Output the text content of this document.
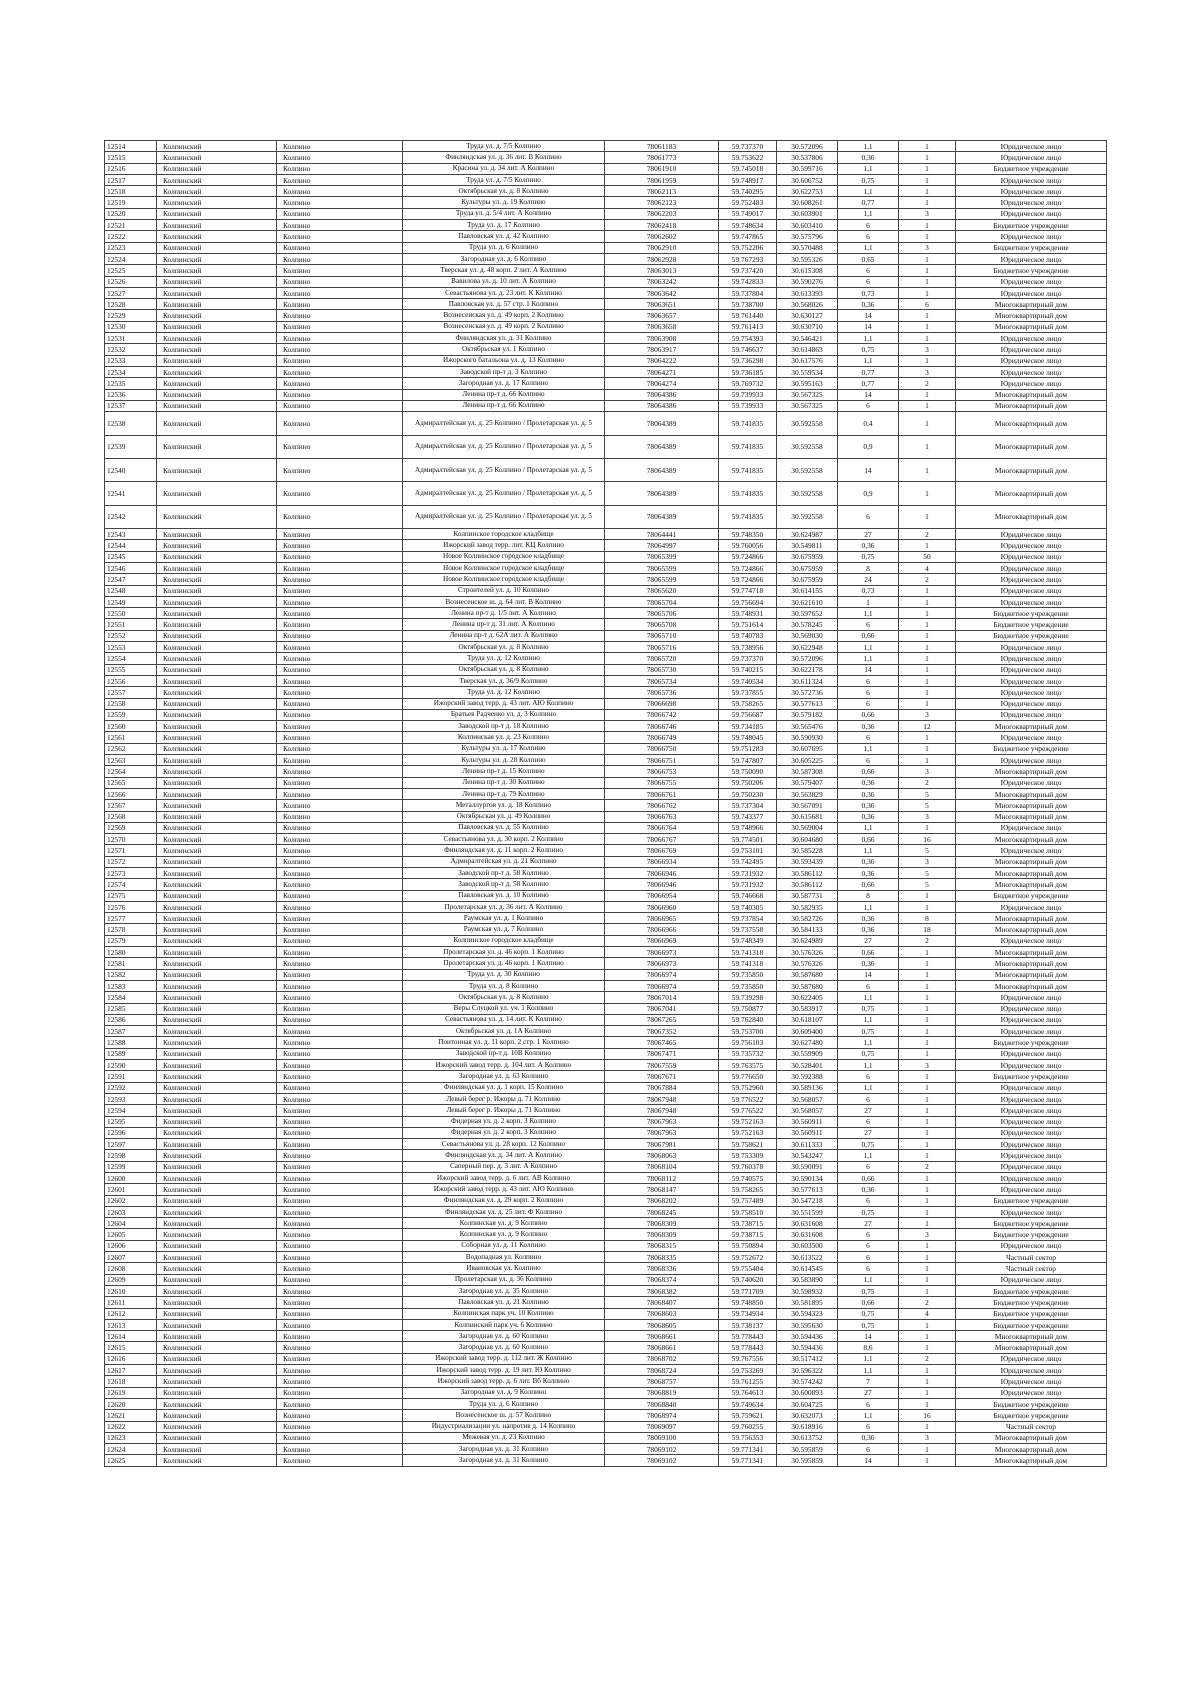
12514	Колпинский	Колпино	Труда ул. д. 7/5 Колпино	78061183	59.737370	30.572096	1,1	1	Юридическое лицо
12515	Колпинский	Колпино	Финляндская ул. д. 36 лит. В Колпино	78061773	59.753622	30.537806	0,36	1	Юридическое лицо
12516	Колпинский	Колпино	Красина ул. д. 34 лит. А Колпино	78061910	59.745018	30.599716	1,1	1	Бюджетное учреждение
12517	Колпинский	Колпино	Труда ул. д. 7/5 Колпино	78061959	59.748917	30.606752	0,75	1	Юридическое лицо
12518	Колпинский	Колпино	Октябрьская ул. д. 8 Колпино	78062113	59.740295	30.622753	1,1	1	Юридическое лицо
12519	Колпинский	Колпино	Культуры ул. д. 19 Колпино	78062123	59.752483	30.608261	0,77	1	Юридическое лицо
12520	Колпинский	Колпино	Труда ул. д. 5/4 лит. А Колпино	78062203	59.749017	30.603901	1,1	3	Юридическое лицо
12521	Колпинский	Колпино	Труда ул. д. 17 Колпино	78062418	59.748634	30.603410	6	1	Бюджетное учреждение
12522	Колпинский	Колпино	Павловская ул. д. 42 Колпино	78062602	59.747865	30.575796	6	1	Юридическое лицо
12523	Колпинский	Колпино	Труда ул. д. 6 Колпино	78062910	59.752206	30.570488	1,1	3	Бюджетное учреждение
12524	Колпинский	Колпино	Загородная ул. д. 6 Колпино	78062928	59.767293	30.595326	0,65	1	Юридическое лицо
12525	Колпинский	Колпино	Тверская ул. д. 48 корп. 2 лит. А Колпино	78063013	59.737420	30.615308	6	1	Бюджетное учреждение
12526	Колпинский	Колпино	Вавилова ул. д. 10 лит. А Колпино	78063242	59.742833	30.590276	6	1	Юридическое лицо
12527	Колпинский	Колпино	Севастьянова ул. д. 23 лит. К Колпино	78063642	59.737804	30.613393	0,73	1	Юридическое лицо
12528	Колпинский	Колпино	Павловская ул. д. 57 стр. 1 Колпино	78063651	59.738700	30.568026	0,36	6	Многоквартирный дом
12529	Колпинский	Колпино	Вознесенская ул. д. 49 корп. 2 Колпино	78063657	59.761440	30.630127	14	1	Многоквартирный дом
12530	Колпинский	Колпино	Вознесенская ул. д. 49 корп. 2 Колпино	78063658	59.761413	30.630710	14	1	Многоквартирный дом
12531	Колпинский	Колпино	Финляндская ул. д. 31 Колпино	78063908	59.754393	30.546421	1,1	1	Юридическое лицо
12532	Колпинский	Колпино	Октябрьская ул. 1 Колпино	78063917	59.746637	30.614863	0,75	3	Юридическое лицо
12533	Колпинский	Колпино	Ижорского батальона ул. д. 13 Колпино	78064222	59.736298	30.617576	1,1	1	Юридическое лицо
12534	Колпинский	Колпино	Заводской пр-т д. 3 Колпино	78064271	59.736185	30.559534	0,77	3	Юридическое лицо
12535	Колпинский	Колпино	Загородная ул. д. 17 Колпино	78064274	59.769732	30.595163	0,77	2	Юридическое лицо
12536	Колпинский	Колпино	Ленина пр-т д. 66 Колпино	78064386	59.739933	30.567325	14	1	Многоквартирный дом
12537	Колпинский	Колпино	Ленина пр-т д. 66 Колпино	78064386	59.739933	30.567325	6	1	Многоквартирный дом
12538	Колпинский	Колпино	Адмиралтейская ул. д. 25 Колпино / Пролетарская ул. д. 5	78064389	59.741835	30.592558	0,4	1	Многоквартирный дом
12539	Колпинский	Колпино	Адмиралтейская ул. д. 25 Колпино / Пролетарская ул. д. 5	78064389	59.741835	30.592558	0,9	1	Многоквартирный дом
12540	Колпинский	Колпино	Адмиралтейская ул. д. 25 Колпино / Пролетарская ул. д. 5	78064389	59.741835	30.592558	14	1	Многоквартирный дом
12541	Колпинский	Колпино	Адмиралтейская ул. д. 25 Колпино / Пролетарская ул. д. 5	78064389	59.741835	30.592558	0,9	1	Многоквартирный дом
12542	Колпинский	Колпино	Адмиралтейская ул. д. 25 Колпино / Пролетарская ул. д. 5	78064389	59.741835	30.592558	6	1	Многоквартирный дом
12543	Колпинский	Колпино	Колпинское городское кладбище	78064441	59.748350	30.624987	27	2	Юридическое лицо
12544	Колпинский	Колпино	Ижорский завод терр. лит. КЦ Колпино	78064997	59.760056	30.549811	0,36	1	Юридическое лицо
12545	Колпинский	Колпино	Новое Колпинское городское кладбище	78065399	59.724866	30.675959	0,75	50	Юридическое лицо
12546	Колпинский	Колпино	Новое Колпинское городское кладбище	78065599	59.724866	30.675959	8	4	Юридическое лицо
12547	Колпинский	Колпино	Новое Колпинское городское кладбище	78065599	59.724866	30.675959	24	2	Юридическое лицо
12548	Колпинский	Колпино	Строителей ул. д. 10 Колпино	78065620	59.774718	30.614155	0,73	1	Юридическое лицо
12549	Колпинский	Колпино	Вознесенское ш. д. 64 лит. В Колпино	78065704	59.756694	30.621610	1	1	Юридическое лицо
12550	Колпинский	Колпино	Ленина пр-т д. 1/5 лит. А Колпино	78065706	59.748931	30.597652	1,1	1	Бюджетное учреждение
12551	Колпинский	Колпино	Ленина пр-т д. 31 лит. А Колпино	78065708	59.751614	30.578245	6	1	Бюджетное учреждение
12552	Колпинский	Колпино	Ленина пр-т д. 62А лит. А Колпино	78065710	59.740783	30.569030	0,66	1	Бюджетное учреждение
12553	Колпинский	Колпино	Октябрьская ул. д. 8 Колпино	78065716	59.738956	30.622948	1,1	1	Юридическое лицо
12554	Колпинский	Колпино	Труда ул. д. 12 Колпино	78065720	59.737370	30.572096	1,1	1	Юридическое лицо
12555	Колпинский	Колпино	Октябрьская ул. д. 8 Колпино	78065730	59.740215	30.622178	14	1	Юридическое лицо
12556	Колпинский	Колпино	Тверская ул. д. 36/9 Колпино	78065734	59.740534	30.611324	6	1	Юридическое лицо
12557	Колпинский	Колпино	Труда ул. д. 12 Колпино	78065736	59.737855	30.572736	6	1	Юридическое лицо
12558	Колпинский	Колпино	Ижорский завод терр. д. 43 лит. АЮ Колпино	78066698	59.758265	30.577613	6	1	Юридическое лицо
12559	Колпинский	Колпино	Братьев Радченко ул. д. 3 Колпино	78066742	59.756687	30.579182	0,66	3	Юридическое лицо
12560	Колпинский	Колпино	Заводской пр-т д. 18 Колпино	78066746	59.734185	30.565476	0,36	12	Многоквартирный дом
12561	Колпинский	Колпино	Колпинская ул. д. 23 Колпино	78066749	59.748045	30.590930	6	1	Юридическое лицо
12562	Колпинский	Колпино	Культуры ул. д. 17 Колпино	78066750	59.751283	30.607695	1,1	1	Бюджетное учреждение
12563	Колпинский	Колпино	Культуры ул. д. 28 Колпино	78066751	59.747807	30.605225	6	1	Юридическое лицо
12564	Колпинский	Колпино	Ленина пр-т д. 15 Колпино	78066753	59.750090	30.587308	0,66	3	Многоквартирный дом
12565	Колпинский	Колпино	Ленина пр-т д. 30 Колпино	78066755	59.750206	30.579407	0,36	2	Юридическое лицо
12566	Колпинский	Колпино	Ленина пр-т д. 79 Колпино	78066761	59.750230	30.563829	0,36	5	Многоквартирный дом
12567	Колпинский	Колпино	Металлургов ул. д. 18 Колпино	78066762	59.737304	30.567091	0,36	5	Многоквартирный дом
12568	Колпинский	Колпино	Октябрьская ул. д. 49 Колпино	78066763	59.743377	30.615681	0,36	3	Многоквартирный дом
12569	Колпинский	Колпино	Павловская ул. д. 55 Колпино	78066764	59.748966	30.569004	1,1	1	Юридическое лицо
12570	Колпинский	Колпино	Севастьянова ул. д. 30 корп. 2 Колпино	78066767	59.774501	30.604680	0,66	16	Многоквартирный дом
12571	Колпинский	Колпино	Финляндская ул. д. 11 корп. 2 Колпино	78066769	59.753101	30.585228	1,1	5	Юридическое лицо
12572	Колпинский	Колпино	Адмиралтейская ул. д. 21 Колпино	78066934	59.742495	30.593439	0,36	3	Многоквартирный дом
12573	Колпинский	Колпино	Заводской пр-т д. 58 Колпино	78066946	59.731932	30.586112	0,36	5	Многоквартирный дом
12574	Колпинский	Колпино	Заводской пр-т д. 58 Колпино	78066946	59.731932	30.586112	0,66	5	Многоквартирный дом
12575	Колпинский	Колпино	Павловская ул. д. 10 Колпино	78066954	59.746668	30.587731	8	1	Бюджетное учреждение
12576	Колпинский	Колпино	Пролетарская ул. д. 36 лит. А Колпино	78066960	59.740305	30.582935	1,1	1	Юридическое лицо
12577	Колпинский	Колпино	Раумская ул. д. 1 Колпино	78066965	59.737854	30.582726	0,36	8	Многоквартирный дом
12578	Колпинский	Колпино	Раумская ул. д. 7 Колпино	78066966	59.737558	30.584133	0,36	18	Многоквартирный дом
12579	Колпинский	Колпино	Колпинское городское кладбище	78066969	59.748349	30.624989	27	2	Юридическое лицо
12580	Колпинский	Колпино	Пролетарская ул. д. 46 корп. 1 Колпино	78066973	59.741318	30.576326	0,66	1	Многоквартирный дом
12581	Колпинский	Колпино	Пролетарская ул. д. 46 корп. 1 Колпино	78066973	59.741318	30.576326	0,36	1	Многоквартирный дом
12582	Колпинский	Колпино	Труда ул. д. 30 Колпино	78066974	59.735850	30.587680	14	1	Многоквартирный дом
12583	Колпинский	Колпино	Труда ул. д. 8 Колпино	78066974	59.735850	30.587680	6	1	Многоквартирный дом
12584	Колпинский	Колпино	Октябрьская ул. д. 8 Колпино	78067014	59.739298	30.622405	1,1	1	Юридическое лицо
12585	Колпинский	Колпино	Веры Слуцкой ул. уч. 1 Колпино	78067041	59.750877	30.583917	0,75	1	Юридическое лицо
12586	Колпинский	Колпино	Севастьянова ул. д. 14 лит. К Колпино	78067265	59.762840	30.618107	1,1	1	Юридическое лицо
12587	Колпинский	Колпино	Октябрьская ул. д. 1А Колпино	78067352	59.753700	30.609400	0,75	1	Юридическое лицо
12588	Колпинский	Колпино	Понтонная ул. д. 11 корп. 2 стр. 1 Колпино	78067465	59.756103	30.627480	1,1	1	Бюджетное учреждение
12589	Колпинский	Колпино	Заводской пр-т д. 10В Колпино	78067471	59.735732	30.559909	0,75	1	Юридическое лицо
12590	Колпинский	Колпино	Ижорский завод терр. д. 104 лит. А Колпино	78067559	59.763575	30.528401	1,1	3	Юридическое лицо
12591	Колпинский	Колпино	Загородная ул. д. 63 Колпино	78067671	59.776650	30.592388	6	1	Бюджетное учреждение
12592	Колпинский	Колпино	Финляндская ул. д. 1 корп. 15 Колпино	78067884	59.752960	30.589136	1,1	1	Юридическое лицо
12593	Колпинский	Колпино	Левый берег р. Ижоры д. 71 Колпино	78067948	59.776522	30.568057	6	1	Юридическое лицо
12594	Колпинский	Колпино	Левый берег р. Ижоры д. 71 Колпино	78067948	59.776522	30.568057	27	1	Юридическое лицо
12595	Колпинский	Колпино	Фидерная ул. д. 2 корп. 3 Колпино	78067963	59.752163	30.560911	6	1	Юридическое лицо
12596	Колпинский	Колпино	Фидерная ул. д. 2 корп. 3 Колпино	78067963	59.752163	30.560911	27	1	Юридическое лицо
12597	Колпинский	Колпино	Севастьянова ул. д. 28 корп. 12 Колпино	78067981	59.758621	30.611333	0,75	1	Юридическое лицо
12598	Колпинский	Колпино	Финляндская ул. д. 34 лит. А Колпино	78068063	59.753309	30.543247	1,1	1	Юридическое лицо
12599	Колпинский	Колпино	Саперный пер. д. 3 лит. А Колпино	78068104	59.760378	30.590091	6	2	Юридическое лицо
12600	Колпинский	Колпино	Ижорский завод терр. д. 6 лит. АВ Колпино	78068112	59.740575	30.590134	0,66	1	Юридическое лицо
12601	Колпинский	Колпино	Ижорский завод терр. д. 43 лит. АЮ Колпино	78068147	59.758265	30.577613	0,36	1	Юридическое лицо
12602	Колпинский	Колпино	Финляндская ул. д. 29 корп. 2 Колпино	78068202	59.757489	30.547218	6	1	Бюджетное учреждение
12603	Колпинский	Колпино	Финляндская ул. д. 25 лит. Ф Колпино	78068245	59.758510	30.551599	0,75	1	Юридическое лицо
12604	Колпинский	Колпино	Колпинская ул. д. 9 Колпино	78068309	59.738715	30.631608	27	1	Бюджетное учреждение
12605	Колпинский	Колпино	Колпинская ул. д. 9 Колпино	78068309	59.738715	30.631608	6	3	Бюджетное учреждение
12606	Колпинский	Колпино	Соборная ул. д. 11 Колпино	78068315	59.750894	30.603500	6	1	Юридическое лицо
12607	Колпинский	Колпино	Водопадная ул. Колпино	78068335	59.752672	30.613522	6	1	Частный сектор
12608	Колпинский	Колпино	Ивановская ул. Колпино	78068336	59.755404	30.614545	6	1	Частный сектор
12609	Колпинский	Колпино	Пролетарская ул. д. 36 Колпино	78068374	59.740620	30.583890	1,1	1	Юридическое лицо
12610	Колпинский	Колпино	Загородная ул. д. 35 Колпино	78068382	59.771709	30.598932	0,75	1	Бюджетное учреждение
12611	Колпинский	Колпино	Павловская ул. д. 21 Колпино	78068407	59.748850	30.581895	0,66	2	Бюджетное учреждение
12612	Колпинский	Колпино	Колпинская парк уч. 10 Колпино	78068603	59.734934	30.594323	0,75	4	Бюджетное учреждение
12613	Колпинский	Колпино	Колпинский парк уч. 6 Колпино	78068605	59.738137	30.595630	0,75	1	Бюджетное учреждение
12614	Колпинский	Колпино	Загородная ул. д. 60 Колпино	78068661	59.778443	30.594436	14	1	Многоквартирный дом
12615	Колпинский	Колпино	Загородная ул. д. 60 Колпино	78068661	59.778443	30.594436	8,6	1	Многоквартирный дом
12616	Колпинский	Колпино	Ижорский завод терр. д. 112 лит. Ж Колпино	78068702	59.767556	30.517412	1,1	2	Юридическое лицо
12617	Колпинский	Колпино	Ижорский завод терр. д. 19 лит. Ю Колпино	78068724	59.753269	30.596322	1,1	1	Юридическое лицо
12618	Колпинский	Колпино	Ижорский завод терр. д. 6 лит. Вб Колпино	78068757	59.761255	30.574242	7	1	Юридическое лицо
12619	Колпинский	Колпино	Загородная ул. д. 9 Колпино	78068819	59.764613	30.600893	27	1	Юридическое лицо
12620	Колпинский	Колпино	Труда ул. д. 6 Колпино	78068840	59.749634	30.604725	6	1	Бюджетное учреждение
12621	Колпинский	Колпино	Вознесенское ш. д. 57 Колпино	78068974	59.759621	30.632073	1,1	16	Бюджетное учреждение
12622	Колпинский	Колпино	Индустриализации ул. напротив д. 14 Колпино	78069097	59.760255	30.618916	6	1	Частный сектор
12623	Колпинский	Колпино	Межевая ул. д. 23 Колпино	78069100	59.756353	30.613752	0,36	3	Многоквартирный дом
12624	Колпинский	Колпино	Загородная ул. д. 31 Колпино	78069102	59.771341	30.595859	6	1	Многоквартирный дом
12625	Колпинский	Колпино	Загородная ул. д. 31 Колпино	78069102	59.771341	30.595859	14	1	Многоквартирный дом
